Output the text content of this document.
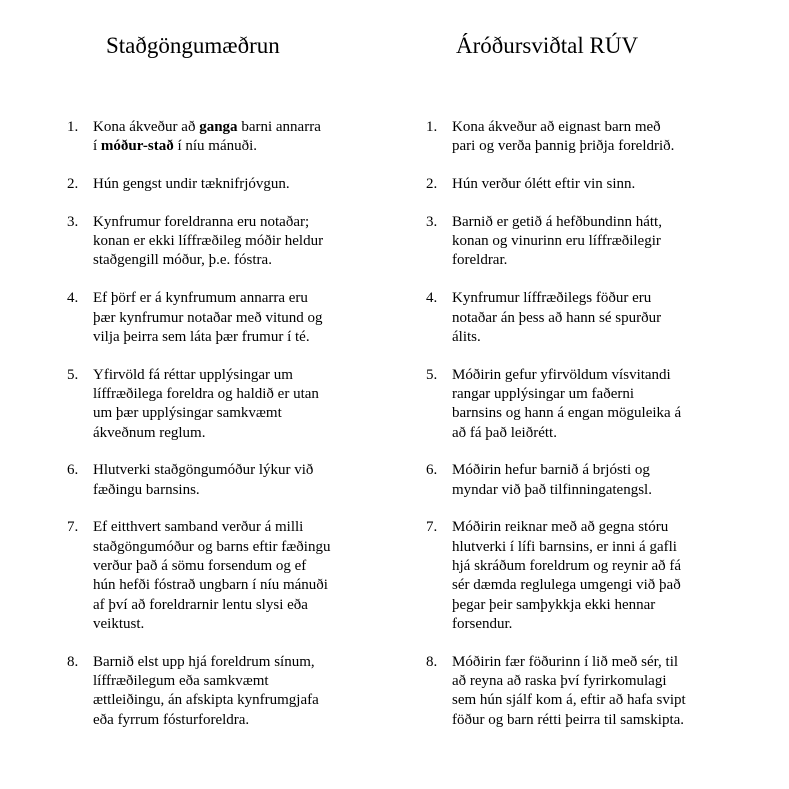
Staðgöngumæðrun
1. Kona ákveður að ganga barni annarra
í móður-stað í níu mánuði.
2. Hún gengst undir tæknifrjóvgun.
3. Kynfrumur foreldranna eru notaðar;
konan er ekki líffræðileg móðir heldur
staðgengill móður, þ.e. fóstra.
4. Ef þörf er á kynfrumum annarra eru
þær kynfrumur notaðar með vitund og
vilja þeirra sem láta þær frumur í té.
5. Yfirvöld fá réttar upplýsingar um
líffræðilega foreldra og haldið er utan
um þær upplýsingar samkvæmt
ákveðnum reglum.
6. Hlutverki staðgöngumóður lýkur við
fæðingu barnsins.
7. Ef eitthvert samband verður á milli
staðgöngumóður og barns eftir fæðingu
verður það á sömu forsendum og ef
hún hefði fóstrað ungbarn í níu mánuði
af því að foreldrarnir lentu slysi eða
veiktust.
8. Barnið elst upp hjá foreldrum sínum,
líffræðilegum eða samkvæmt
ættleiðingu, án afskipta kynfrumgjafa
eða fyrrum fósturforeldra.
Áróðursviðtal RÚV
1. Kona ákveður að eignast barn með
pari og verða þannig þriðja foreldrið.
2. Hún verður ólétt eftir vin sinn.
3. Barnið er getið á hefðbundinn hátt,
konan og vinurinn eru líffræðilegir
foreldrar.
4. Kynfrumur líffræðilegs föður eru
notaðar án þess að hann sé spurður
álits.
5. Móðirin gefur yfirvöldum vísvitandi
rangar upplýsingar um faðerni
barnsins og hann á engan möguleika á
að fá það leiðrétt.
6. Móðirin hefur barnið á brjósti og
myndar við það tilfinningatengsl.
7. Móðirin reiknar með að gegna stóru
hlutverki í lífi barnsins, er inni á gafli
hjá skráðum foreldrum og reynir að fá
sér dæmda reglulega umgengi við það
þegar þeir samþykkja ekki hennar
forsendur.
8. Móðirin fær föðurinn í lið með sér, til
að reyna að raska því fyrirkomulagi
sem hún sjálf kom á, eftir að hafa svipt
föður og barn rétti þeirra til samskipta.
